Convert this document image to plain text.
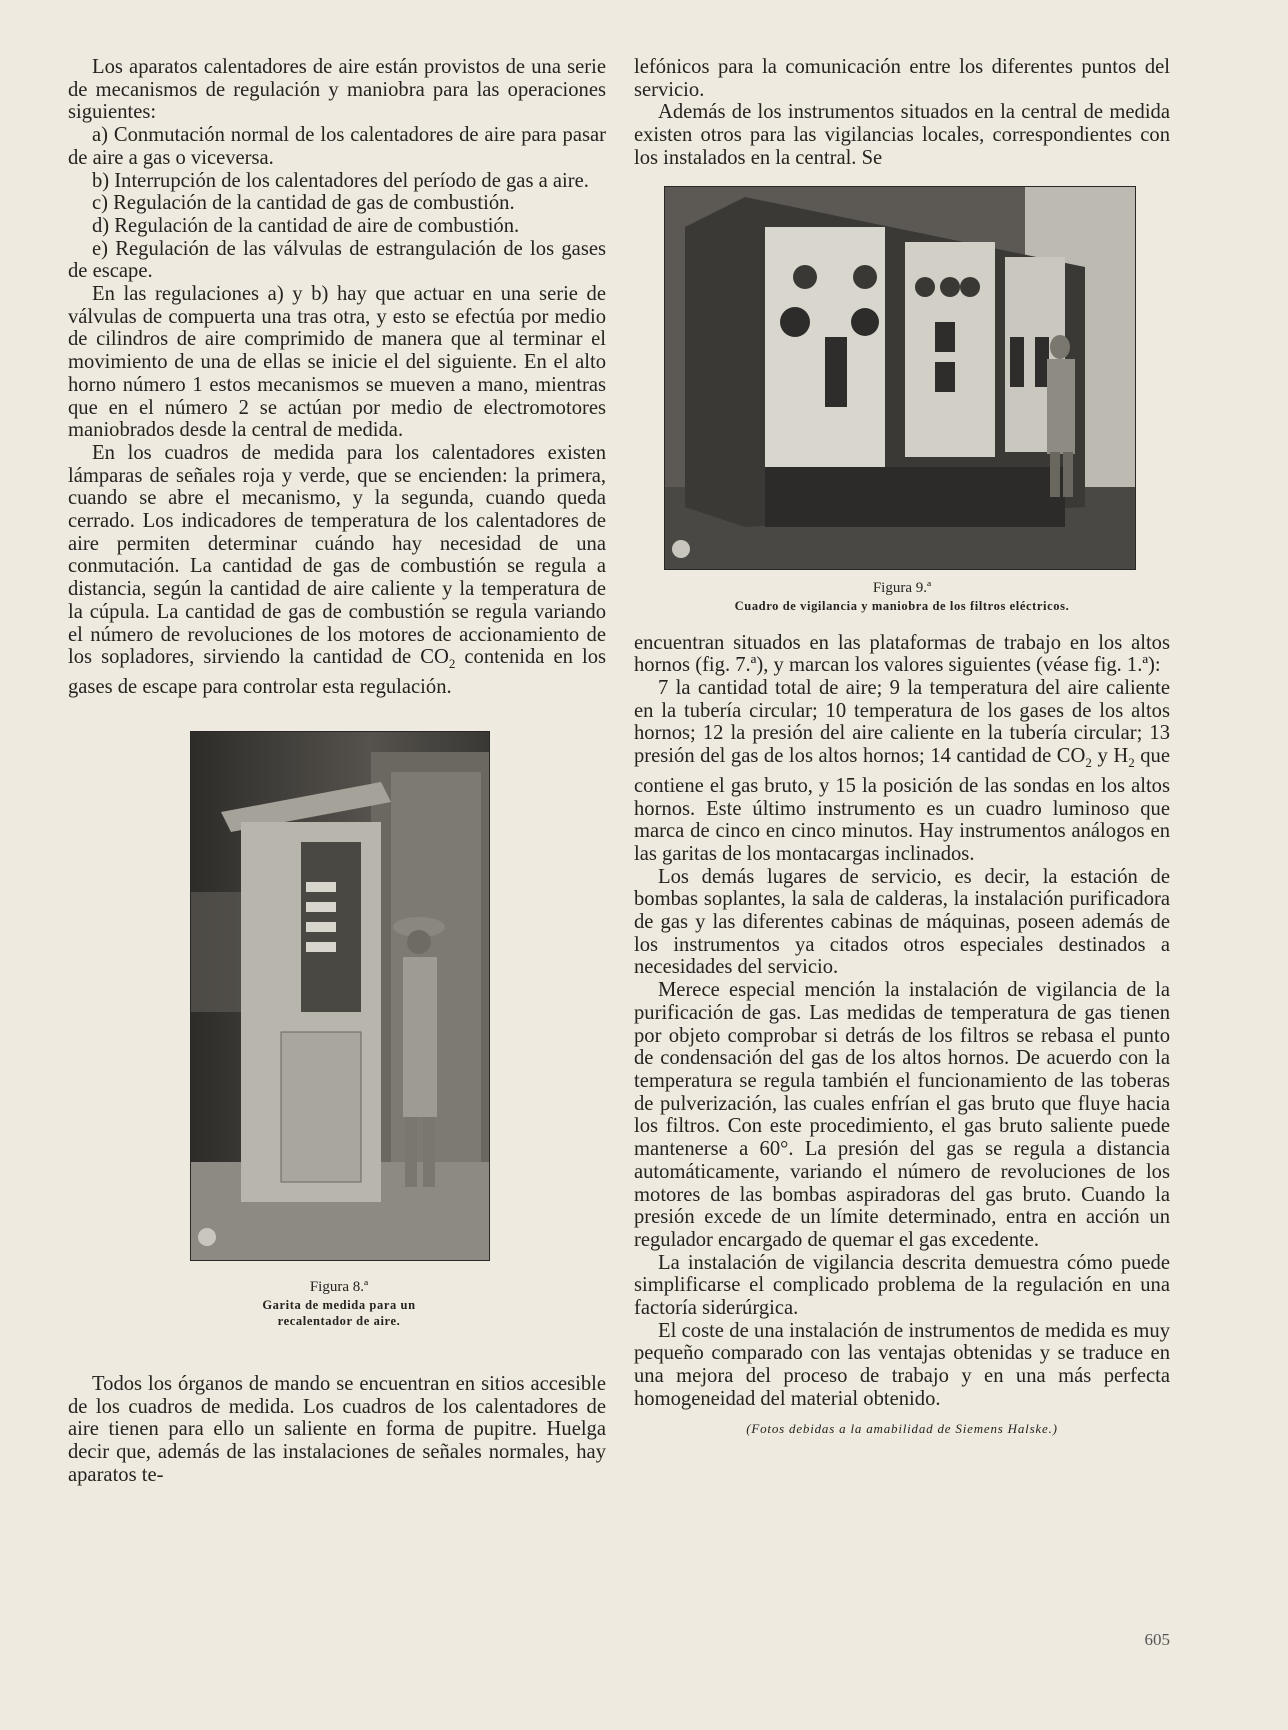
Los aparatos calentadores de aire están provistos de una serie de mecanismos de regulación y maniobra para las operaciones siguientes:

a) Conmutación normal de los calentadores de aire para pasar de aire a gas o viceversa.

b) Interrupción de los calentadores del período de gas a aire.

c) Regulación de la cantidad de gas de combustión.

d) Regulación de la cantidad de aire de combustión.

e) Regulación de las válvulas de estrangulación de los gases de escape.

En las regulaciones a) y b) hay que actuar en una serie de válvulas de compuerta una tras otra, y esto se efectúa por medio de cilindros de aire comprimido de manera que al terminar el movimiento de una de ellas se inicie el del siguiente. En el alto horno número 1 estos mecanismos se mueven a mano, mientras que en el número 2 se actúan por medio de electromotores maniobrados desde la central de medida.

En los cuadros de medida para los calentadores existen lámparas de señales roja y verde, que se encienden: la primera, cuando se abre el mecanismo, y la segunda, cuando queda cerrado. Los indicadores de temperatura de los calentadores de aire permiten determinar cuándo hay necesidad de una conmutación. La cantidad de gas de combustión se regula a distancia, según la cantidad de aire caliente y la temperatura de la cúpula. La cantidad de gas de combustión se regula variando el número de revoluciones de los motores de accionamiento de los sopladores, sirviendo la cantidad de $CO_2$ contenida en los gases de escape para controlar esta regulación.

Figura 8.ª
Garita de medida para un recalentador de aire.

Todos los órganos de mando se encuentran en sitios accesible de los cuadros de medida. Los cuadros de los calentadores de aire tienen para ello un saliente en forma de pupitre. Huelga decir que, además de las instalaciones de señales normales, hay aparatos te-

lefónicos para la comunicación entre los diferentes puntos del servicio.

Además de los instrumentos situados en la central de medida existen otros para las vigilancias locales, correspondientes con los instalados en la central. Se

Figura 9.ª
Cuadro de vigilancia y maniobra de los filtros eléctricos.

encuentran situados en las plataformas de trabajo en los altos hornos (fig. 7.ª), y marcan los valores siguientes (véase fig. 1.ª):

7 la cantidad total de aire; 9 la temperatura del aire caliente en la tubería circular; 10 temperatura de los gases de los altos hornos; 12 la presión del aire caliente en la tubería circular; 13 presión del gas de los altos hornos; 14 cantidad de $CO_2$ y $H_2$ que contiene el gas bruto, y 15 la posición de las sondas en los altos hornos. Este último instrumento es un cuadro luminoso que marca de cinco en cinco minutos. Hay instrumentos análogos en las garitas de los montacargas inclinados.

Los demás lugares de servicio, es decir, la estación de bombas soplantes, la sala de calderas, la instalación purificadora de gas y las diferentes cabinas de máquinas, poseen además de los instrumentos ya citados otros especiales destinados a necesidades del servicio.

Merece especial mención la instalación de vigilancia de la purificación de gas. Las medidas de temperatura de gas tienen por objeto comprobar si detrás de los filtros se rebasa el punto de condensación del gas de los altos hornos. De acuerdo con la temperatura se regula también el funcionamiento de las toberas de pulverización, las cuales enfrían el gas bruto que fluye hacia los filtros. Con este procedimiento, el gas bruto saliente puede mantenerse a 60°. La presión del gas se regula a distancia automáticamente, variando el número de revoluciones de los motores de las bombas aspiradoras del gas bruto. Cuando la presión excede de un límite determinado, entra en acción un regulador encargado de quemar el gas excedente.

La instalación de vigilancia descrita demuestra cómo puede simplificarse el complicado problema de la regulación en una factoría siderúrgica.

El coste de una instalación de instrumentos de medida es muy pequeño comparado con las ventajas obtenidas y se traduce en una mejora del proceso de trabajo y en una más perfecta homogeneidad del material obtenido.

(Fotos debidas a la amabilidad de Siemens Halske.)
605
